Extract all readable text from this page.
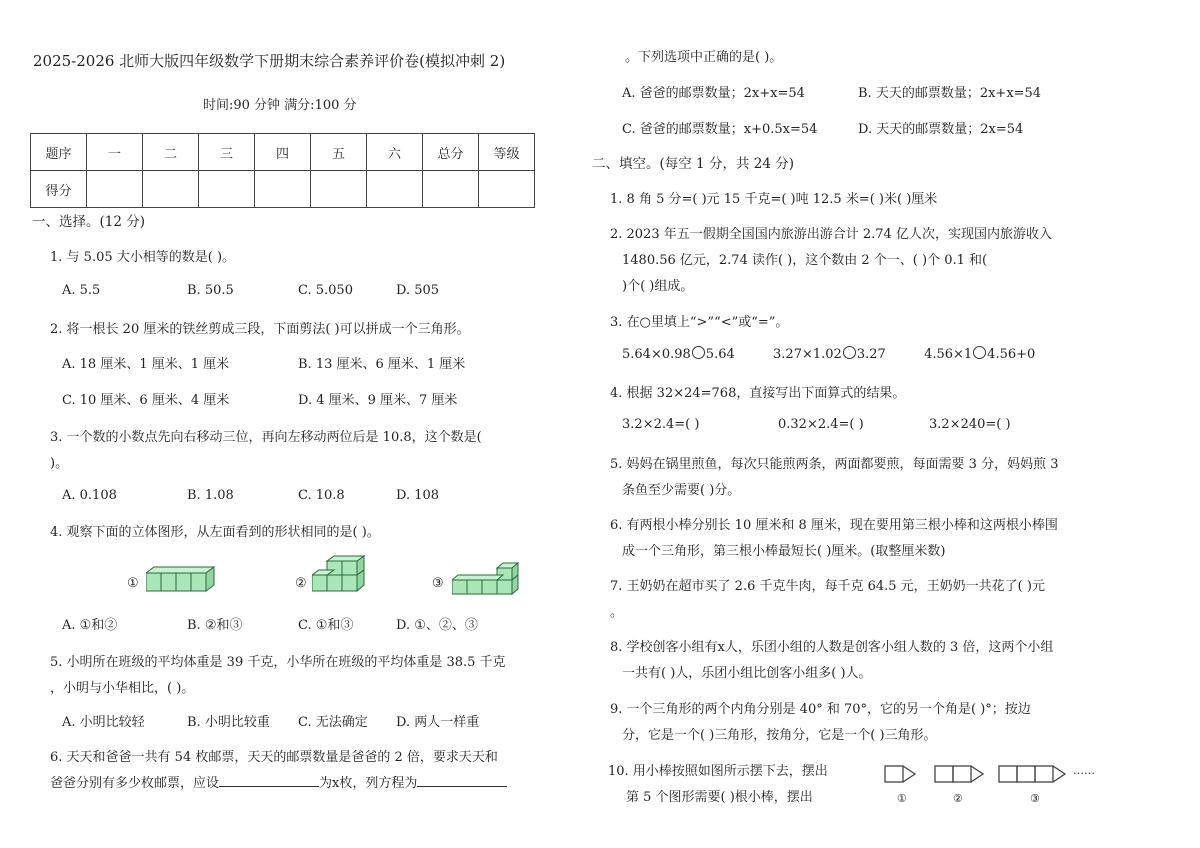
2025-2026 北师大版四年级数学下册期末综合素养评价卷(模拟冲刺 2)
时间:90 分钟 满分:100 分
题序	一	二	三	四	五	六	总分	等级
得分								
一、选择。(12 分)
1. 与 5.05 大小相等的数是( )。
A. 5.5	B. 50.5	C. 5.050	D. 505
2. 将一根长 20 厘米的铁丝剪成三段，下面剪法( )可以拼成一个三角形。
A. 18 厘米、1 厘米、1 厘米	B. 13 厘米、6 厘米、1 厘米
C. 10 厘米、6 厘米、4 厘米	D. 4 厘米、9 厘米、7 厘米
3. 一个数的小数点先向右移动三位，再向左移动两位后是 10.8，这个数是(
)。
A. 0.108	B. 1.08	C. 10.8	D. 108
4. 观察下面的立体图形，从左面看到的形状相同的是( )。
①	②	③
A. ①和②	B. ②和③	C. ①和③	D. ①、②、③
5. 小明所在班级的平均体重是 39 千克，小华所在班级的平均体重是 38.5 千克
，小明与小华相比，( )。
A. 小明比较轻	B. 小明比较重 C. 无法确定 D. 两人一样重
6. 天天和爸爸一共有 54 枚邮票，天天的邮票数量是爸爸的 2 倍，要求天天和
爸爸分别有多少枚邮票，应设	为x枚，列方程为
。下列选项中正确的是( )。
A. 爸爸的邮票数量；2x+x=54	B. 天天的邮票数量；2x+x=54
C. 爸爸的邮票数量；x+0.5x=54	D. 天天的邮票数量；2x=54
二、填空。(每空 1 分，共 24 分)
1. 8 角 5 分=( )元 15 千克=( )吨 12.5 米=( )米( )厘米
2. 2023 年五一假期全国国内旅游出游合计 2.74 亿人次，实现国内旅游收入
1480.56 亿元，2.74 读作( )，这个数由 2 个一、( )个 0.1 和(
)个( )组成。
3. 在○里填上“>”“<”或“=”。
5.64×0.98 5.64	3.27×1.02 3.27	4.56×1 4.56+0
4. 根据 32×24=768，直接写出下面算式的结果。
3.2×2.4=( )	0.32×2.4=( )	3.2×240=( )
5. 妈妈在锅里煎鱼，每次只能煎两条，两面都要煎，每面需要 3 分，妈妈煎 3
条鱼至少需要( )分。
6. 有两根小棒分别长 10 厘米和 8 厘米，现在要用第三根小棒和这两根小棒围
成一个三角形，第三根小棒最短长( )厘米。(取整厘米数)
7. 王奶奶在超市买了 2.6 千克牛肉，每千克 64.5 元，王奶奶一共花了( )元
。
8. 学校创客小组有x人，乐团小组的人数是创客小组人数的 3 倍，这两个小组
一共有( )人，乐团小组比创客小组多( )人。
9. 一个三角形的两个内角分别是 40° 和 70°，它的另一个角是( )°；按边
分，它是一个( )三角形，按角分，它是一个( )三角形。
10. 用小棒按照如图所示摆下去，摆出
第 5 个图形需要( )根小棒，摆出	①	②	③
……
